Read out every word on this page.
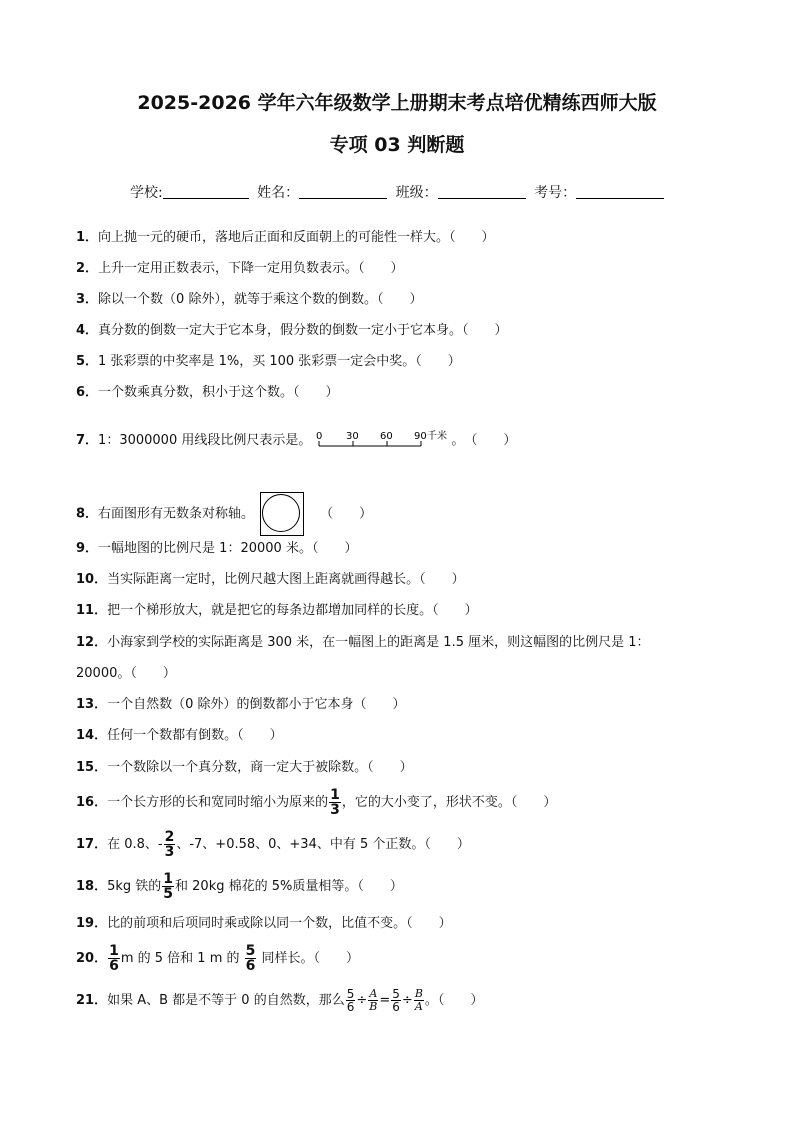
2025-2026 学年六年级数学上册期末考点培优精练西师大版
专项 03 判断题
学校:	姓名：	班级：	考号：
1．向上抛一元的硬币，落地后正面和反面朝上的可能性一样大。（　　）
2．上升一定用正数表示，下降一定用负数表示。（　　）
3．除以一个数（0 除外），就等于乘这个数的倒数。（　　）
4．真分数的倒数一定大于它本身，假分数的倒数一定小于它本身。（　　）
5．1 张彩票的中奖率是 1%，买 100 张彩票一定会中奖。（　　）
6．一个数乘真分数，积小于这个数。（　　）
7．1：3000000 用线段比例尺表示是。 0 30 60 90 千米 。　（　　）
8．右面图形有无数条对称轴。	（　　）
9．一幅地图的比例尺是 1：20000 米。（　　）
10．当实际距离一定时，比例尺越大图上距离就画得越长。（　　）
11．把一个梯形放大，就是把它的每条边都增加同样的长度。（　　）
12．小海家到学校的实际距离是 300 米，在一幅图上的距离是 1.5 厘米，则这幅图的比例尺是 1：
20000。（　　）
13．一个自然数（0 除外）的倒数都小于它本身（　　）
14．任何一个数都有倒数。（　　）
15．一个数除以一个真分数，商一定大于被除数。（　　）
16．一个长方形的长和宽同时缩小为原来的 $\frac{1}{3}$ ，它的大小变了，形状不变。（　　）
17．在 0.8、- $\frac{2}{3}$ 、-7、+0.58、0、+34、中有 5 个正数。（　　）
18．5kg 铁的 $\frac{1}{5}$ 和 20kg 棉花的 5%质量相等。（　　）
19．比的前项和后项同时乘或除以同一个数，比值不变。（　　）
20． $\frac{1}{6}$ m 的 5 倍和 1 m 的 $\frac{5}{6}$ 同样长。（　　）
21．如果 A、B 都是不等于 0 的自然数，那么 $\frac{5}{6} \div \frac{A}{B} = \frac{5}{6} \div \frac{B}{A}$ 。（　　）
